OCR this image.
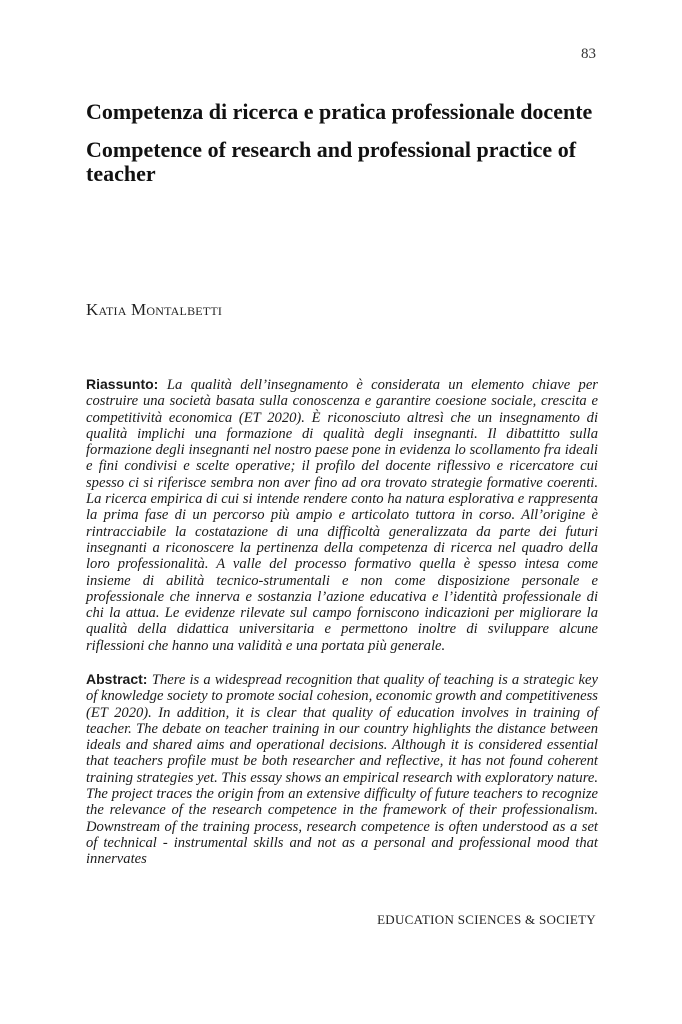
83
Competenza di ricerca e pratica professionale docente
Competence of research and professional practice of teacher
Katia Montalbetti
Riassunto: La qualità dell’insegnamento è considerata un elemento chiave per costruire una società basata sulla conoscenza e garantire coesione sociale, crescita e competitività economica (ET 2020). È riconosciuto altresì che un insegnamento di qualità implichi una formazione di qualità degli insegnanti. Il dibattitto sulla formazione degli insegnanti nel nostro paese pone in evidenza lo scollamento fra ideali e fini condivisi e scelte operative; il profilo del docente riflessivo e ricercatore cui spesso ci si riferisce sembra non aver fino ad ora trovato strategie formative coerenti. La ricerca empirica di cui si intende rendere conto ha natura esplorativa e rappresenta la prima fase di un percorso più ampio e articolato tuttora in corso. All’origine è rintracciabile la costatazione di una difficoltà generalizzata da parte dei futuri insegnanti a riconoscere la pertinenza della competenza di ricerca nel quadro della loro professionalità. A valle del processo formativo quella è spesso intesa come insieme di abilità tecnico-strumentali e non come disposizione personale e professionale che innerva e sostanzia l’azione educativa e l’identità professionale di chi la attua. Le evidenze rilevate sul campo forniscono indicazioni per migliorare la qualità della didattica universitaria e permettono inoltre di sviluppare alcune riflessioni che hanno una validità e una portata più generale.
Abstract: There is a widespread recognition that quality of teaching is a strategic key of knowledge society to promote social cohesion, economic growth and competitiveness (ET 2020). In addition, it is clear that quality of education involves in training of teacher. The debate on teacher training in our country highlights the distance between ideals and shared aims and operational decisions. Although it is considered essential that teachers profile must be both researcher and reflective, it has not found coherent training strategies yet. This essay shows an empirical research with exploratory nature. The project traces the origin from an extensive difficulty of future teachers to recognize the relevance of the research competence in the framework of their professionalism. Downstream of the training process, research competence is often understood as a set of technical - instrumental skills and not as a personal and professional mood that innervates
EDUCATION SCIENCES & SOCIETY
